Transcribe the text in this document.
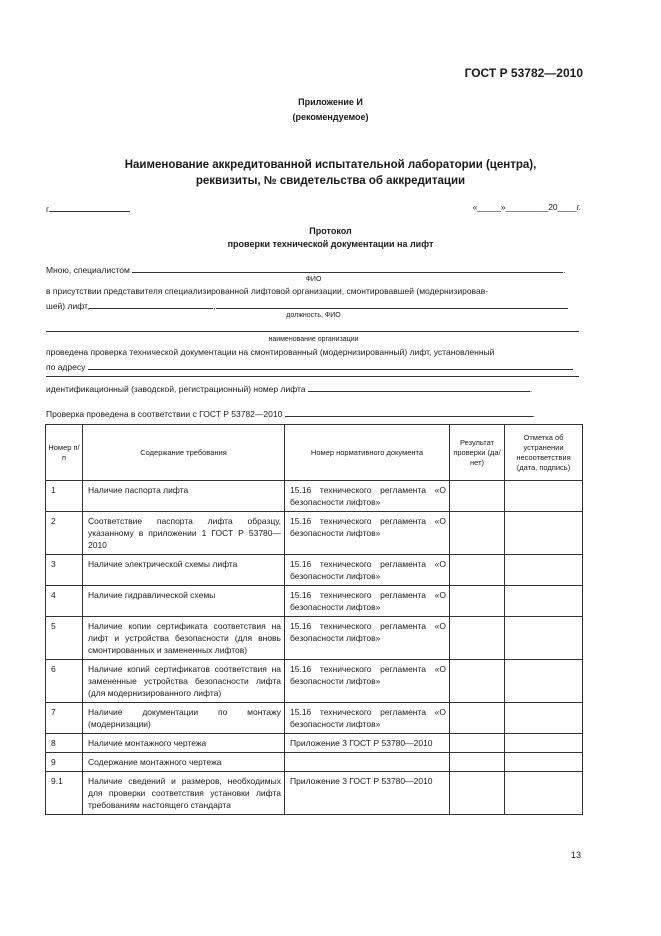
ГОСТ Р 53782—2010
Приложение И
(рекомендуемое)
Наименование аккредитованной испытательной лаборатории (центра),
реквизиты, № свидетельства об аккредитации
г.	«_____»_________20____г.
Протокол
проверки технической документации на лифт
Мною, специалистом	.
ФИО
в присутствии представителя специализированной лифтовой организации, смонтировавшей (модернизировав-
шей) лифт,	,
должность, ФИО
наименование организации
проведена проверка технической документации на смонтированный (модернизированный) лифт, установленный
по адресу
идентификационный (заводской, регистрационный) номер лифта	.
Проверка проведена в соответствии с ГОСТ Р 53782—2010	.
Номер п/п	Содержание требования	Номер нормативного документа	Результат проверки (да/нет)	Отметка об устранении несоответствия (дата, подпись)
1	Наличие паспорта лифта	15.16 технического регламента «О безопасности лифтов»		
2	Соответствие паспорта лифта образцу, указанному в приложении 1 ГОСТ Р 53780—2010	15.16 технического регламента «О безопасности лифтов»		
3	Наличие электрической схемы лифта	15.16 технического регламента «О безопасности лифтов»		
4	Наличие гидравлической схемы	15.16 технического регламента «О безопасности лифтов»		
5	Наличие копии сертификата соответствия на лифт и устройства безопасности (для вновь смонтированных и замененных лифтов)	15.16 технического регламента «О безопасности лифтов»		
6	Наличие копий сертификатов соответствия на замененные устройства безопасности лифта (для модернизированного лифта)	15.16 технического регламента «О безопасности лифтов»		
7	Наличие документации по монтажу (модернизации)	15.16 технического регламента «О безопасности лифтов»		
8	Наличие монтажного чертежа	Приложение 3 ГОСТ Р 53780—2010		
9	Содержание монтажного чертежа			
9.1	Наличие сведений и размеров, необходимых для проверки соответствия установки лифта требованиям настоящего стандарта	Приложение 3 ГОСТ Р 53780—2010		
13
